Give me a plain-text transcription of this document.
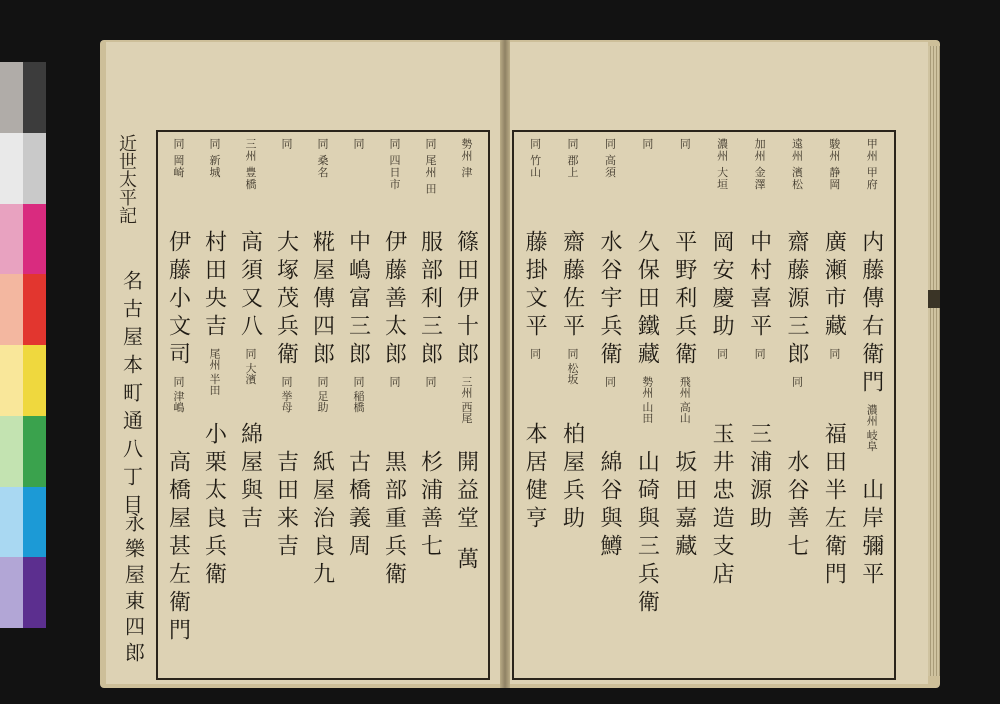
近世太平記
名古屋本町通八丁目
勢州 津
篠田伊十郎
三州 西尾
開益堂 萬
同 尾州 田
服部利三郎
同
杉浦善七
同 四日市
伊藤善太郎
同
黒部重兵衛
同
中嶋富三郎
同 稲橋
古橋義周
同 桑名
糀屋傳四郎
同 足助
紙屋治良九
同
大塚茂兵衛
同 挙母
吉田来吉
三州 豊橋
高須又八
同 大濱
綿屋與吉
同 新城
村田央吉
尾州 半田
小栗太良兵衛
同 岡崎
伊藤小文司
同 津嶋
高橋屋甚左衛門
永樂屋東四郎
甲州 甲府
内藤傳右衛門
濃州 岐阜
山岸彌平
駿州 静岡
廣瀬市藏
同
福田半左衛門
遠州 濱松
齋藤源三郎
同
水谷善七
加州 金澤
中村喜平
同
三浦源助
濃州 大垣
岡安慶助
同
玉井忠造支店
同
平野利兵衛
飛州 高山
坂田嘉藏
同
久保田鐵藏
勢州 山田
山碕與三兵衛
同 高須
水谷宇兵衛
同
綿谷與鱒
同 郡上
齋藤佐平
同 松坂
柏屋兵助
同 竹山
藤掛文平
同
本居健亨
